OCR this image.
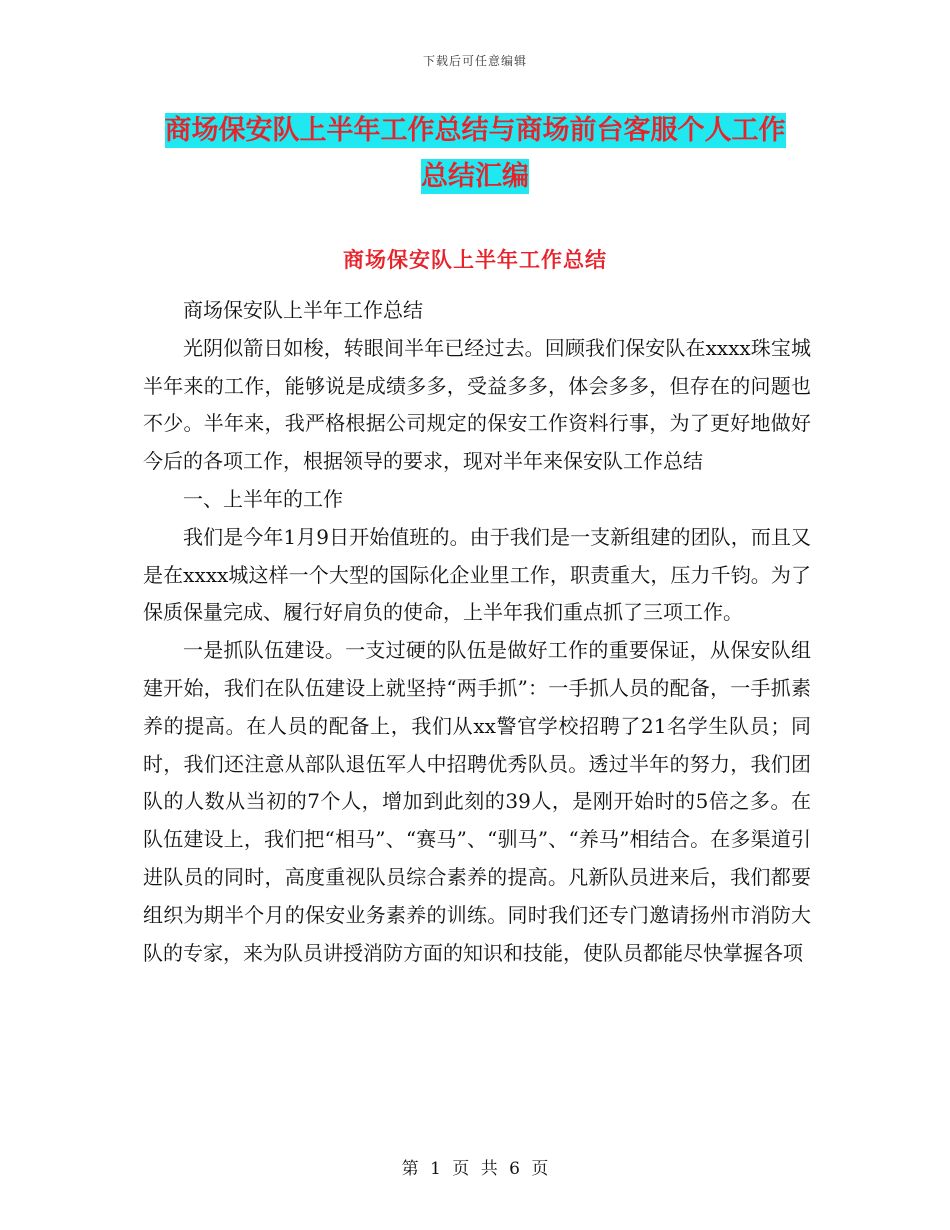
下载后可任意编辑
商场保安队上半年工作总结与商场前台客服个人工作
总结汇编
商场保安队上半年工作总结

商场保安队上半年工作总结

光阴似箭日如梭，转眼间半年已经过去。回顾我们保安队在xxxx珠宝城半年来的工作，能够说是成绩多多，受益多多，体会多多，但存在的问题也不少。半年来，我严格根据公司规定的保安工作资料行事，为了更好地做好今后的各项工作，根据领导的要求，现对半年来保安队工作总结

一、上半年的工作

我们是今年1月9日开始值班的。由于我们是一支新组建的团队，而且又是在xxxx城这样一个大型的国际化企业里工作，职责重大，压力千钧。为了保质保量完成、履行好肩负的使命，上半年我们重点抓了三项工作。

一是抓队伍建设。一支过硬的队伍是做好工作的重要保证，从保安队组建开始，我们在队伍建设上就坚持“两手抓”：一手抓人员的配备，一手抓素养的提高。在人员的配备上，我们从xx警官学校招聘了21名学生队员；同时，我们还注意从部队退伍军人中招聘优秀队员。透过半年的努力，我们团队的人数从当初的7个人，增加到此刻的39人，是刚开始时的5倍之多。在队伍建设上，我们把“相马”、“赛马”、“驯马”、“养马”相结合。在多渠道引进队员的同时，高度重视队员综合素养的提高。凡新队员进来后，我们都要组织为期半个月的保安业务素养的训练。同时我们还专门邀请扬州市消防大队的专家，来为队员讲授消防方面的知识和技能，使队员都能尽快掌握各项

第 1 页 共 6 页
